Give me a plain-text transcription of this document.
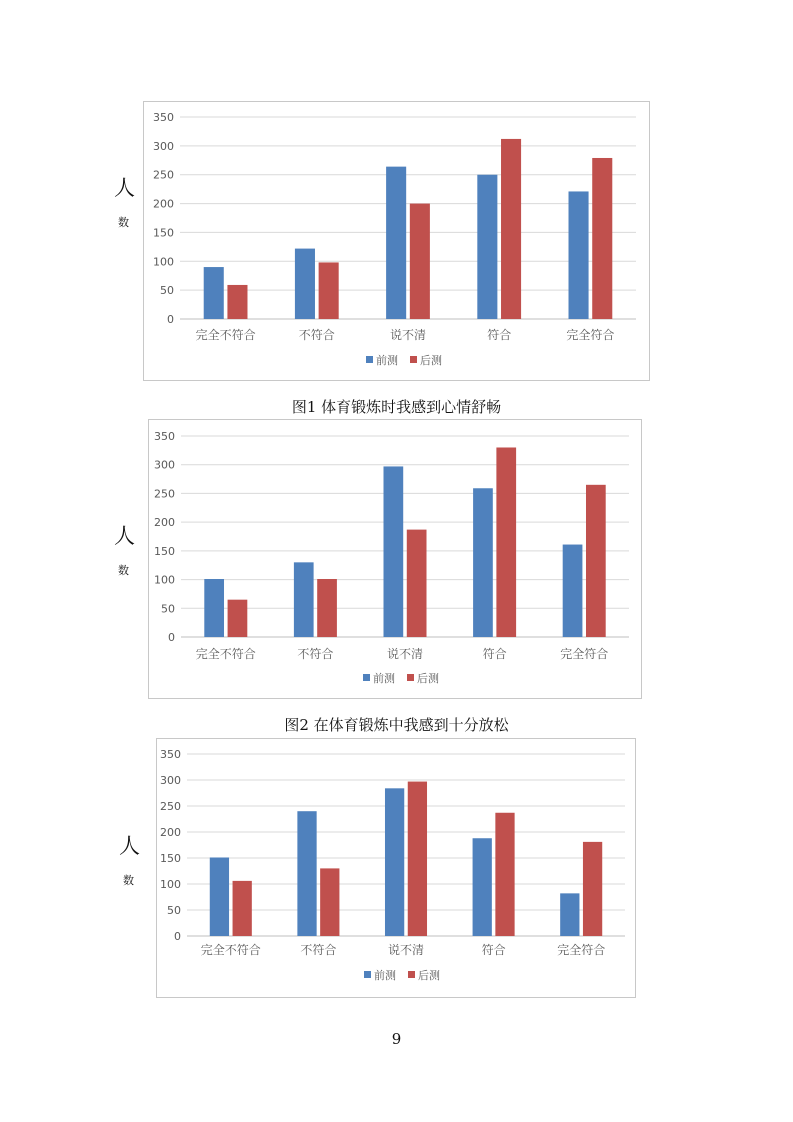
人
数
0
50
100
150
200
250
300
350
完全不符合	不符合	说不清	符合	完全符合
前测 后测
图1 体育锻炼时我感到心情舒畅
人
数
0
50
100
150
200
250
300
350
完全不符合	不符合	说不清	符合	完全符合
前测 后测
图2 在体育锻炼中我感到十分放松
人
数
0
50
100
150
200
250
300
350
完全不符合	不符合	说不清	符合	完全符合
前测 后测
9
